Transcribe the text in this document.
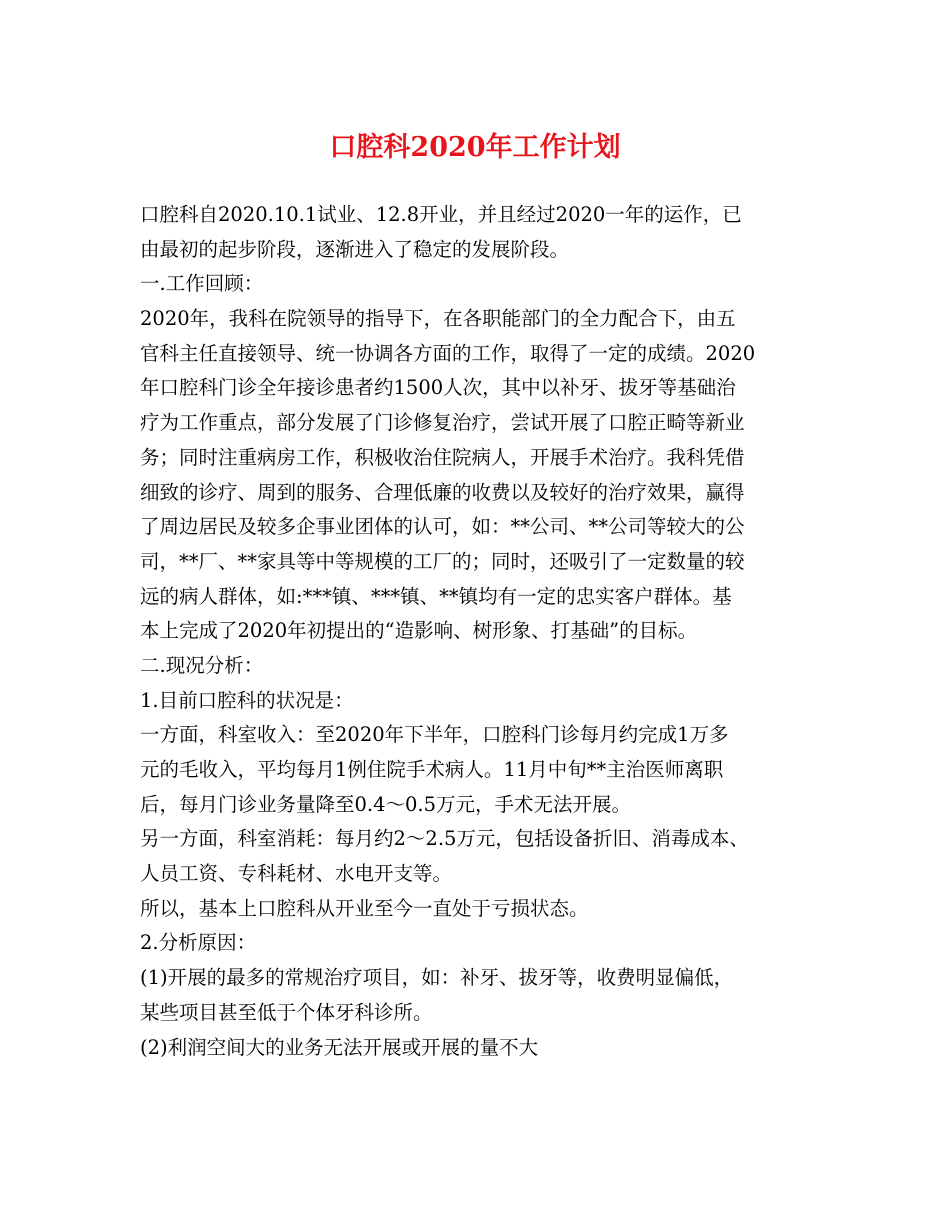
口腔科2020年工作计划
口腔科自2020.10.1试业、12.8开业，并且经过2020一年的运作，已
由最初的起步阶段，逐渐进入了稳定的发展阶段。
一.工作回顾：
2020年，我科在院领导的指导下，在各职能部门的全力配合下，由五
官科主任直接领导、统一协调各方面的工作，取得了一定的成绩。2020
年口腔科门诊全年接诊患者约1500人次，其中以补牙、拔牙等基础治
疗为工作重点，部分发展了门诊修复治疗，尝试开展了口腔正畸等新业
务；同时注重病房工作，积极收治住院病人，开展手术治疗。我科凭借
细致的诊疗、周到的服务、合理低廉的收费以及较好的治疗效果，赢得
了周边居民及较多企事业团体的认可，如：**公司、**公司等较大的公
司，**厂、**家具等中等规模的工厂的；同时，还吸引了一定数量的较
远的病人群体，如:***镇、***镇、**镇均有一定的忠实客户群体。基
本上完成了2020年初提出的“造影响、树形象、打基础”的目标。
二.现况分析：
1.目前口腔科的状况是：
一方面，科室收入：至2020年下半年，口腔科门诊每月约完成1万多
元的毛收入，平均每月1例住院手术病人。11月中旬**主治医师离职
后，每月门诊业务量降至0.4～0.5万元，手术无法开展。
另一方面，科室消耗：每月约2～2.5万元，包括设备折旧、消毒成本、
人员工资、专科耗材、水电开支等。
所以，基本上口腔科从开业至今一直处于亏损状态。
2.分析原因：
(1)开展的最多的常规治疗项目，如：补牙、拔牙等，收费明显偏低，
某些项目甚至低于个体牙科诊所。
(2)利润空间大的业务无法开展或开展的量不大
